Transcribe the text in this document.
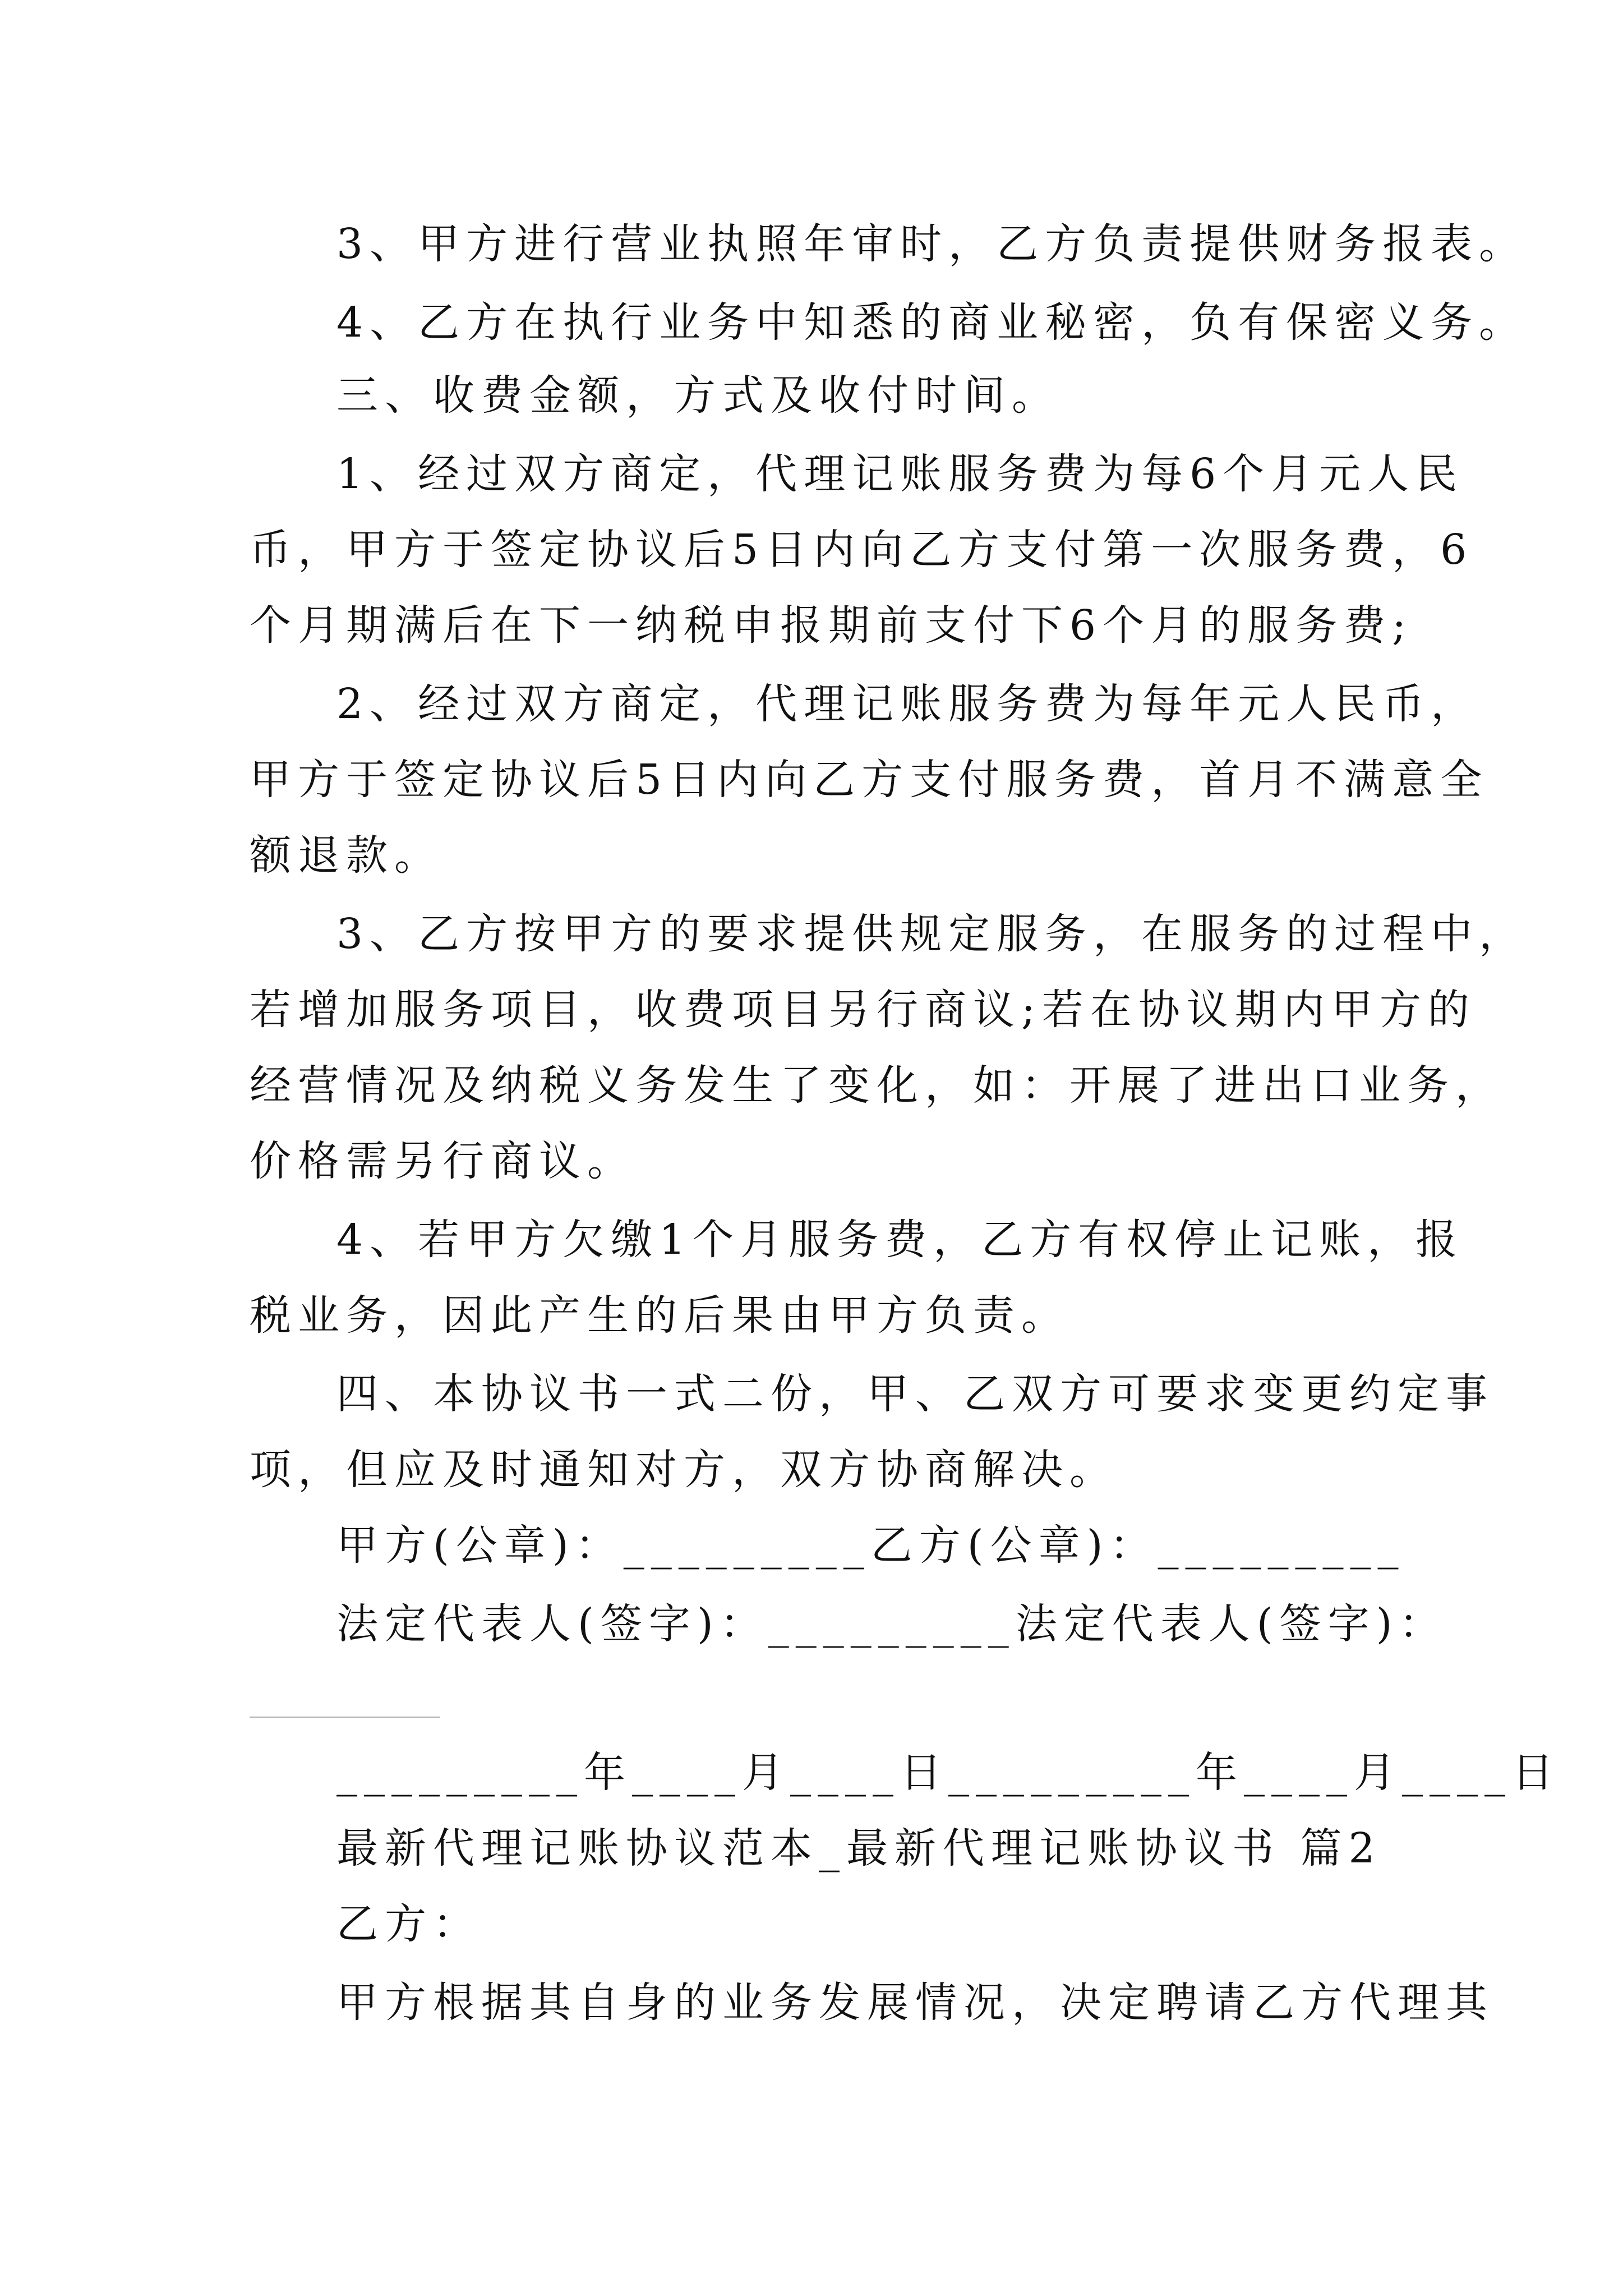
3、甲方进行营业执照年审时，乙方负责提供财务报表。

4、乙方在执行业务中知悉的商业秘密，负有保密义务。

三、收费金额，方式及收付时间。

1、经过双方商定，代理记账服务费为每6个月元人民

币，甲方于签定协议后5日内向乙方支付第一次服务费，6

个月期满后在下一纳税申报期前支付下6个月的服务费;

2、经过双方商定，代理记账服务费为每年元人民币，

甲方于签定协议后5日内向乙方支付服务费，首月不满意全

额退款。

3、乙方按甲方的要求提供规定服务，在服务的过程中，

若增加服务项目，收费项目另行商议;若在协议期内甲方的

经营情况及纳税义务发生了变化，如：开展了进出口业务，

价格需另行商议。

4、若甲方欠缴1个月服务费，乙方有权停止记账，报

税业务，因此产生的后果由甲方负责。

四、本协议书一式二份，甲、乙双方可要求变更约定事

项，但应及时通知对方，双方协商解决。

甲方(公章)：_________乙方(公章)：_________

法定代表人(签字)：_________法定代表人(签字)：

_________年____月____日_________年____月____日

最新代理记账协议范本_最新代理记账协议书 篇2

乙方：

甲方根据其自身的业务发展情况，决定聘请乙方代理其
